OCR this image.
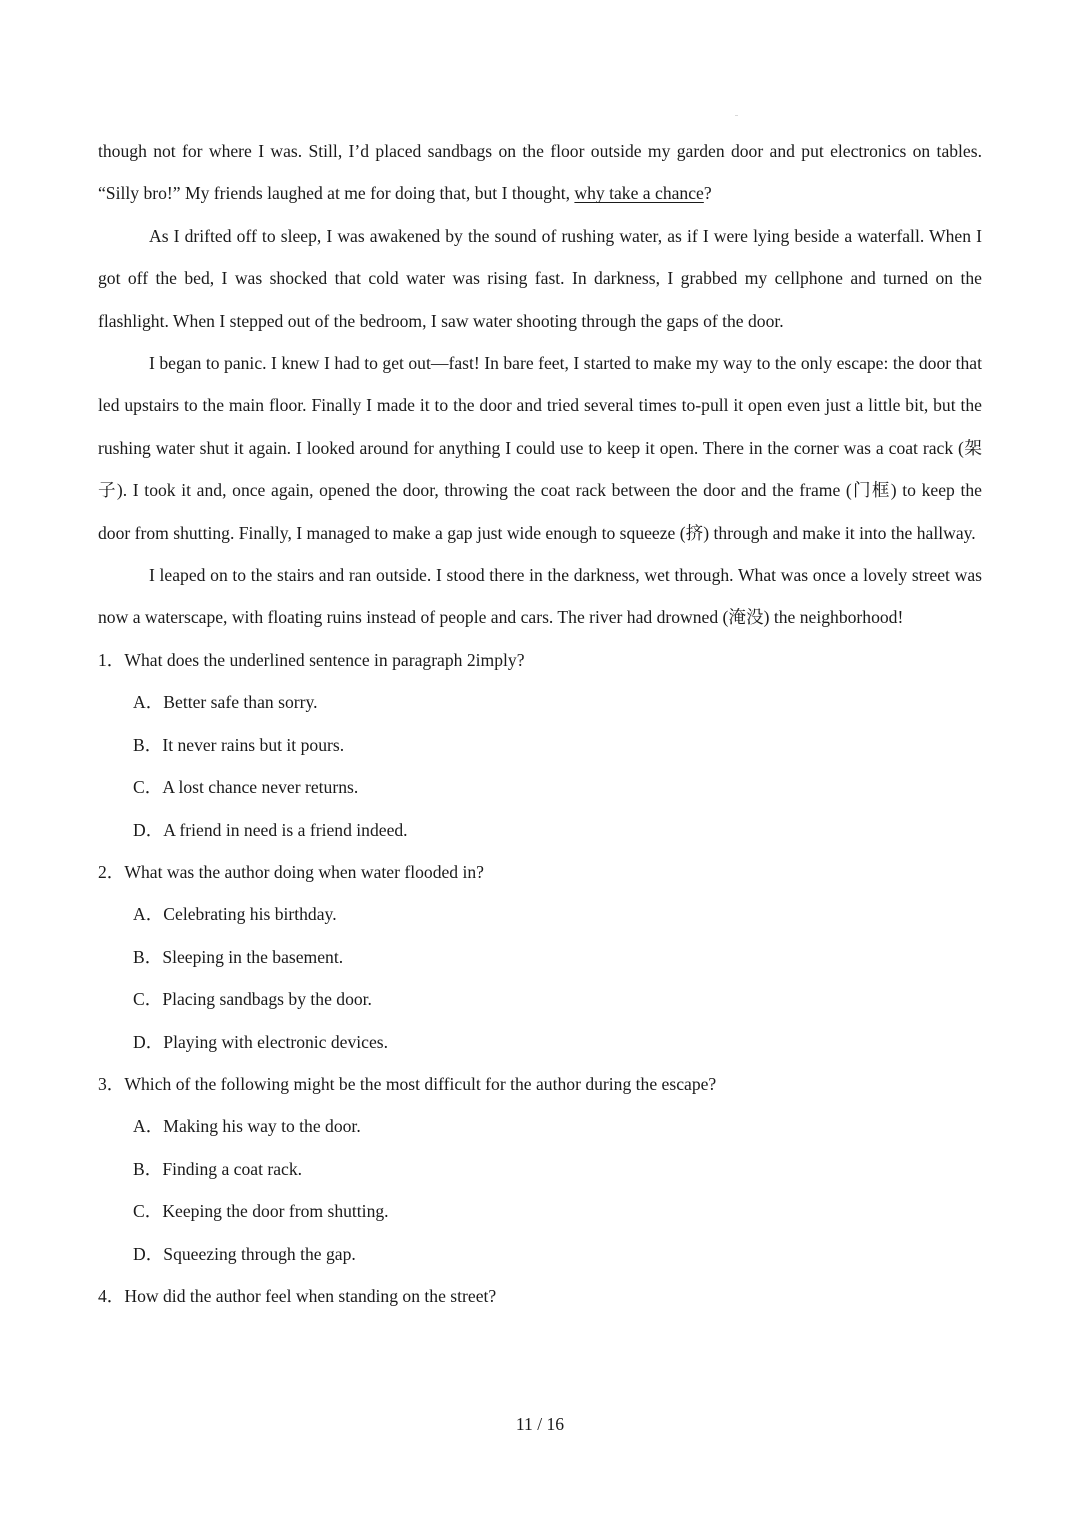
though not for where I was. Still, I’d placed sandbags on the floor outside my garden door and put electronics on tables. “Silly bro!” My friends laughed at me for doing that, but I thought, why take a chance?

As I drifted off to sleep, I was awakened by the sound of rushing water, as if I were lying beside a waterfall. When I got off the bed, I was shocked that cold water was rising fast. In darkness, I grabbed my cellphone and turned on the flashlight. When I stepped out of the bedroom, I saw water shooting through the gaps of the door.

I began to panic. I knew I had to get out—fast! In bare feet, I started to make my way to the only escape: the door that led upstairs to the main floor. Finally I made it to the door and tried several times to-pull it open even just a little bit, but the rushing water shut it again. I looked around for anything I could use to keep it open. There in the corner was a coat rack (架子). I took it and, once again, opened the door, throwing the coat rack between the door and the frame (门框) to keep the door from shutting. Finally, I managed to make a gap just wide enough to squeeze (挤) through and make it into the hallway.

I leaped on to the stairs and ran outside. I stood there in the darkness, wet through. What was once a lovely street was now a waterscape, with floating ruins instead of people and cars. The river had drowned (淹没) the neighborhood!

1．What does the underlined sentence in paragraph 2imply?

A．Better safe than sorry.

B．It never rains but it pours.

C．A lost chance never returns.

D．A friend in need is a friend indeed.

2．What was the author doing when water flooded in?

A．Celebrating his birthday.

B．Sleeping in the basement.

C．Placing sandbags by the door.

D．Playing with electronic devices.

3．Which of the following might be the most difficult for the author during the escape?

A．Making his way to the door.

B．Finding a coat rack.

C．Keeping the door from shutting.

D．Squeezing through the gap.

4．How did the author feel when standing on the street?

11 / 16
